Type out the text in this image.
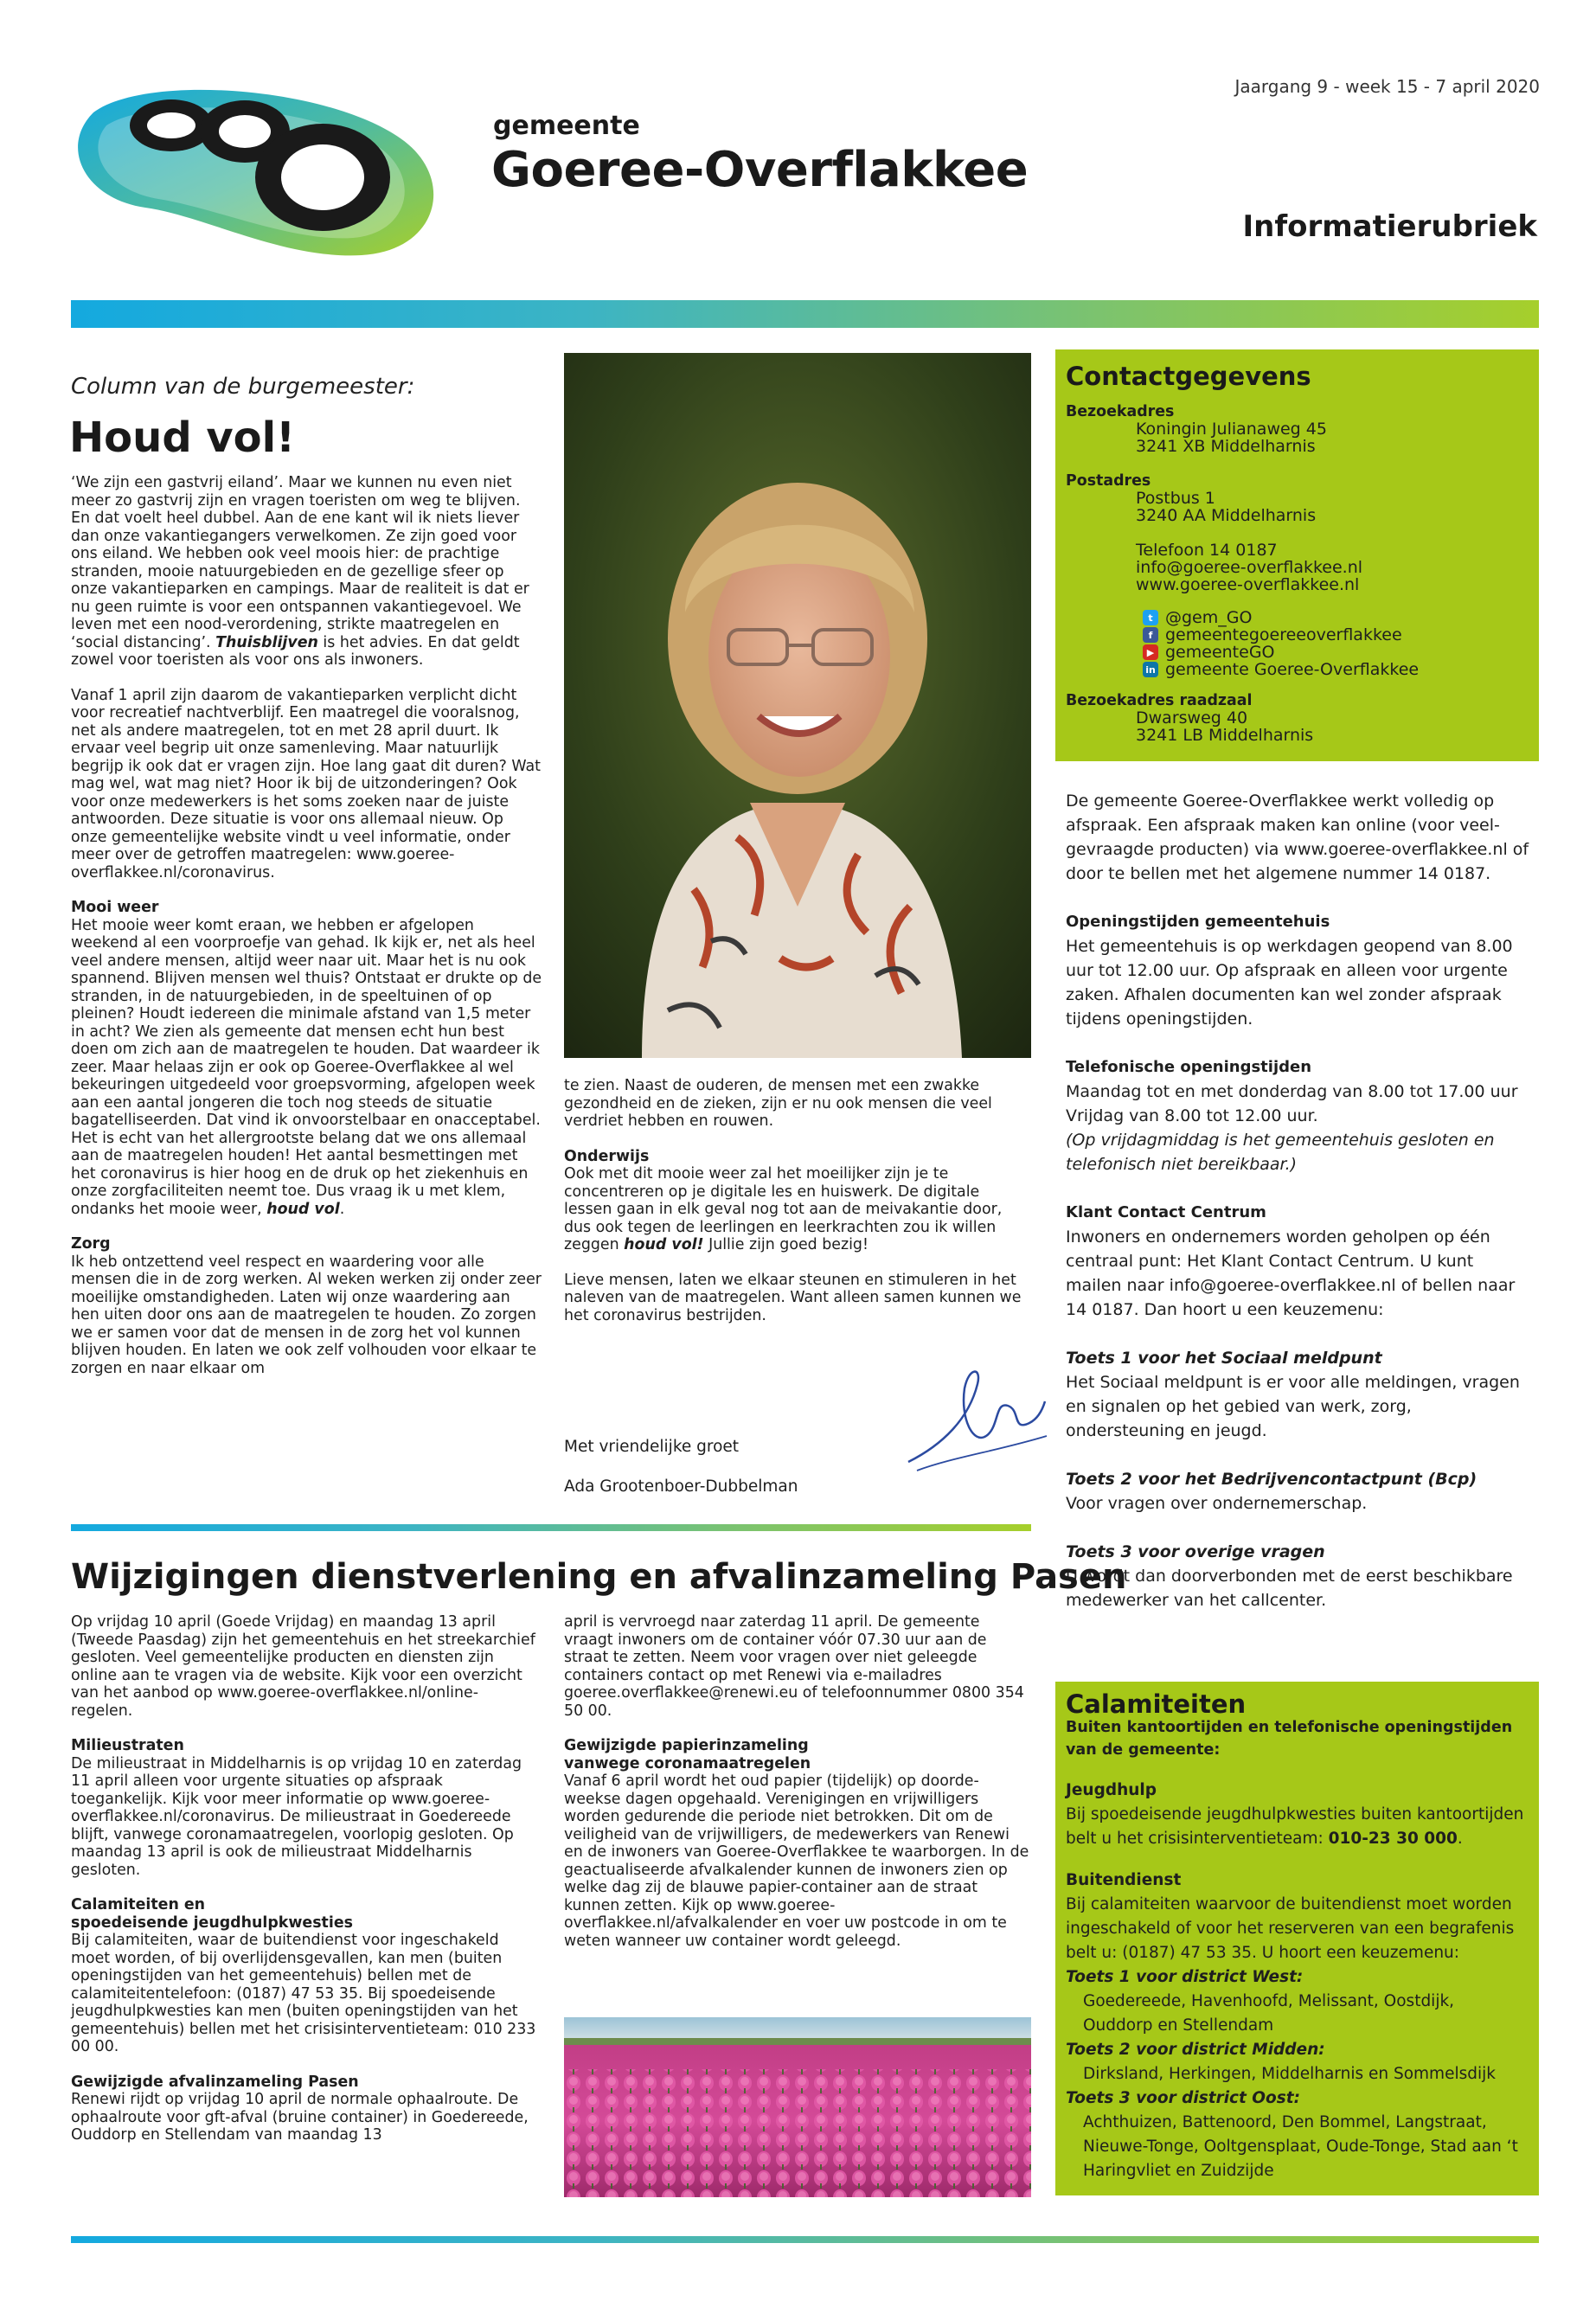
Jaargang 9 - week 15 - 7 april 2020
gemeente
Goeree-Overflakkee
Informatierubriek
Column van de burgemeester:
Houd vol!

‘We zijn een gastvrij eiland’. Maar we kunnen nu even niet meer zo gastvrij zijn en vragen toeristen om weg te blijven. En dat voelt heel dubbel. Aan de ene kant wil ik niets liever dan onze vakantiegangers verwelkomen. Ze zijn goed voor ons eiland. We hebben ook veel moois hier: de prachtige stranden, mooie natuurgebieden en de gezellige sfeer op onze vakantieparken en campings. Maar de realiteit is dat er nu geen ruimte is voor een ontspannen vakantiegevoel. We leven met een nood-verordening, strikte maatregelen en ‘social distancing’. Thuisblijven is het advies. En dat geldt zowel voor toeristen als voor ons als inwoners.

Vanaf 1 april zijn daarom de vakantieparken verplicht dicht voor recreatief nachtverblijf. Een maatregel die vooralsnog, net als andere maatregelen, tot en met 28 april duurt. Ik ervaar veel begrip uit onze samenleving. Maar natuurlijk begrijp ik ook dat er vragen zijn. Hoe lang gaat dit duren? Wat mag wel, wat mag niet? Hoor ik bij de uitzonderingen? Ook voor onze medewerkers is het soms zoeken naar de juiste antwoorden. Deze situatie is voor ons allemaal nieuw. Op onze gemeentelijke website vindt u veel informatie, onder meer over de getroffen maatregelen: www.goeree-overflakkee.nl/coronavirus.

Mooi weer

Het mooie weer komt eraan, we hebben er afgelopen weekend al een voorproefje van gehad. Ik kijk er, net als heel veel andere mensen, altijd weer naar uit. Maar het is nu ook spannend. Blijven mensen wel thuis? Ontstaat er drukte op de stranden, in de natuurgebieden, in de speeltuinen of op pleinen? Houdt iedereen die minimale afstand van 1,5 meter in acht? We zien als gemeente dat mensen echt hun best doen om zich aan de maatregelen te houden. Dat waardeer ik zeer. Maar helaas zijn er ook op Goeree-Overflakkee al wel bekeuringen uitgedeeld voor groepsvorming, afgelopen week aan een aantal jongeren die toch nog steeds de situatie bagatelliseerden. Dat vind ik onvoorstelbaar en onacceptabel. Het is echt van het allergrootste belang dat we ons allemaal aan de maatregelen houden! Het aantal besmettingen met het coronavirus is hier hoog en de druk op het ziekenhuis en onze zorgfaciliteiten neemt toe. Dus vraag ik u met klem, ondanks het mooie weer, houd vol.

Zorg

Ik heb ontzettend veel respect en waardering voor alle mensen die in de zorg werken. Al weken werken zij onder zeer moeilijke omstandigheden. Laten wij onze waardering aan hen uiten door ons aan de maatregelen te houden. Zo zorgen we er samen voor dat de mensen in de zorg het vol kunnen blijven houden. En laten we ook zelf volhouden voor elkaar te zorgen en naar elkaar om

te zien. Naast de ouderen, de mensen met een zwakke gezondheid en de zieken, zijn er nu ook mensen die veel verdriet hebben en rouwen.

Onderwijs

Ook met dit mooie weer zal het moeilijker zijn je te concentreren op je digitale les en huiswerk. De digitale lessen gaan in elk geval nog tot aan de meivakantie door, dus ook tegen de leerlingen en leerkrachten zou ik willen zeggen houd vol! Jullie zijn goed bezig!

Lieve mensen, laten we elkaar steunen en stimuleren in het naleven van de maatregelen. Want alleen samen kunnen we het coronavirus bestrijden.

Met vriendelijke groet
Ada Grootenboer-Dubbelman
Contactgegevens
Bezoekadres
Koningin Julianaweg 45
3241 XB Middelharnis
Postadres
Postbus 1
3240 AA Middelharnis
Telefoon 14 0187
info@goeree-overflakkee.nl
www.goeree-overflakkee.nl
t @gem_GO
f gemeentegoereeoverflakkee
▶ gemeenteGO
in gemeente Goeree-Overflakkee
Bezoekadres raadzaal
Dwarsweg 40
3241 LB Middelharnis

De gemeente Goeree-Overflakkee werkt volledig op afspraak. Een afspraak maken kan online (voor veel-gevraagde producten) via www.goeree-overflakkee.nl of door te bellen met het algemene nummer 14 0187.

Openingstijden gemeentehuis

Het gemeentehuis is op werkdagen geopend van 8.00 uur tot 12.00 uur. Op afspraak en alleen voor urgente zaken. Afhalen documenten kan wel zonder afspraak tijdens openingstijden.

Telefonische openingstijden

Maandag tot en met donderdag van 8.00 tot 17.00 uur

Vrijdag van 8.00 tot 12.00 uur.

(Op vrijdagmiddag is het gemeentehuis gesloten en telefonisch niet bereikbaar.)

Klant Contact Centrum

Inwoners en ondernemers worden geholpen op één centraal punt: Het Klant Contact Centrum. U kunt mailen naar info@goeree-overflakkee.nl of bellen naar 14 0187. Dan hoort u een keuzemenu:

Toets 1 voor het Sociaal meldpunt

Het Sociaal meldpunt is er voor alle meldingen, vragen en signalen op het gebied van werk, zorg, ondersteuning en jeugd.

Toets 2 voor het Bedrijvencontactpunt (Bcp)

Voor vragen over ondernemerschap.

Toets 3 voor overige vragen

U wordt dan doorverbonden met de eerst beschikbare medewerker van het callcenter.

Calamiteiten

Buiten kantoortijden en telefonische openingstijden van de gemeente:

Jeugdhulp

Bij spoedeisende jeugdhulpkwesties buiten kantoortijden belt u het crisisinterventieteam: 010-23 30 000.

Buitendienst

Bij calamiteiten waarvoor de buitendienst moet worden ingeschakeld of voor het reserveren van een begrafenis belt u: (0187) 47 53 35. U hoort een keuzemenu:

Toets 1 voor district West:

Goedereede, Havenhoofd, Melissant, Oostdijk, Ouddorp en Stellendam

Toets 2 voor district Midden:

Dirksland, Herkingen, Middelharnis en Sommelsdijk

Toets 3 voor district Oost:

Achthuizen, Battenoord, Den Bommel, Langstraat, Nieuwe-Tonge, Ooltgensplaat, Oude-Tonge, Stad aan ‘t Haringvliet en Zuidzijde

Wijzigingen dienstverlening en afvalinzameling Pasen

Op vrijdag 10 april (Goede Vrijdag) en maandag 13 april (Tweede Paasdag) zijn het gemeentehuis en het streekarchief gesloten. Veel gemeentelijke producten en diensten zijn online aan te vragen via de website. Kijk voor een overzicht van het aanbod op www.goeree-overflakkee.nl/online-regelen.

Milieustraten

De milieustraat in Middelharnis is op vrijdag 10 en zaterdag 11 april alleen voor urgente situaties op afspraak toegankelijk. Kijk voor meer informatie op www.goeree-overflakkee.nl/coronavirus. De milieustraat in Goedereede blijft, vanwege coronamaatregelen, voorlopig gesloten. Op maandag 13 april is ook de milieustraat Middelharnis gesloten.

Calamiteiten en
spoedeisende jeugdhulpkwesties

Bij calamiteiten, waar de buitendienst voor ingeschakeld moet worden, of bij overlijdensgevallen, kan men (buiten openingstijden van het gemeentehuis) bellen met de calamiteitentelefoon: (0187) 47 53 35. Bij spoedeisende jeugdhulpkwesties kan men (buiten openingstijden van het gemeentehuis) bellen met het crisisinterventieteam: 010 233 00 00.

Gewijzigde afvalinzameling Pasen

Renewi rijdt op vrijdag 10 april de normale ophaalroute. De ophaalroute voor gft-afval (bruine container) in Goedereede, Ouddorp en Stellendam van maandag 13

april is vervroegd naar zaterdag 11 april. De gemeente vraagt inwoners om de container vóór 07.30 uur aan de straat te zetten. Neem voor vragen over niet geleegde containers contact op met Renewi via e-mailadres goeree.overflakkee@renewi.eu of telefoonnummer 0800 354 50 00.

Gewijzigde papierinzameling
vanwege coronamaatregelen

Vanaf 6 april wordt het oud papier (tijdelijk) op doorde-weekse dagen opgehaald. Verenigingen en vrijwilligers worden gedurende die periode niet betrokken. Dit om de veiligheid van de vrijwilligers, de medewerkers van Renewi en de inwoners van Goeree-Overflakkee te waarborgen. In de geactualiseerde afvalkalender kunnen de inwoners zien op welke dag zij de blauwe papier-container aan de straat kunnen zetten. Kijk op www.goeree-overflakkee.nl/afvalkalender en voer uw postcode in om te weten wanneer uw container wordt geleegd.
